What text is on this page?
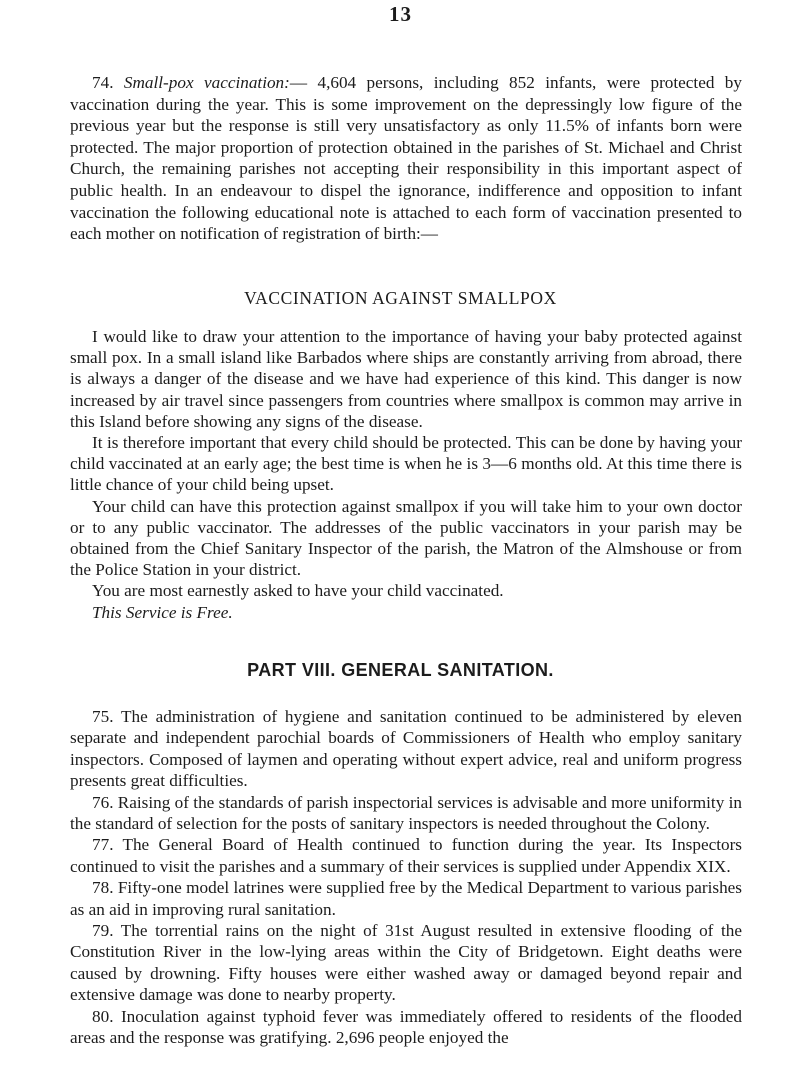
13

74. Small-pox vaccination:— 4,604 persons, including 852 infants, were protected by vaccination during the year. This is some improvement on the depressingly low figure of the previous year but the response is still very unsatisfactory as only 11.5% of infants born were protected. The major proportion of protection obtained in the parishes of St. Michael and Christ Church, the remaining parishes not accepting their responsibility in this important aspect of public health. In an endeavour to dispel the ignorance, indifference and opposition to infant vaccination the following educational note is attached to each form of vaccination presented to each mother on notification of registration of birth:—

VACCINATION AGAINST SMALLPOX

I would like to draw your attention to the importance of having your baby protected against small pox. In a small island like Barbados where ships are constantly arriving from abroad, there is always a danger of the disease and we have had experience of this kind. This danger is now increased by air travel since passengers from countries where smallpox is common may arrive in this Island before showing any signs of the disease.

It is therefore important that every child should be protected. This can be done by having your child vaccinated at an early age; the best time is when he is 3—6 months old. At this time there is little chance of your child being upset.

Your child can have this protection against smallpox if you will take him to your own doctor or to any public vaccinator. The addresses of the public vaccinators in your parish may be obtained from the Chief Sanitary Inspector of the parish, the Matron of the Almshouse or from the Police Station in your district.

You are most earnestly asked to have your child vaccinated.

This Service is Free.

PART VIII. GENERAL SANITATION.

75. The administration of hygiene and sanitation continued to be administered by eleven separate and independent parochial boards of Commissioners of Health who employ sanitary inspectors. Composed of laymen and operating without expert advice, real and uniform progress presents great difficulties.

76. Raising of the standards of parish inspectorial services is advisable and more uniformity in the standard of selection for the posts of sanitary inspectors is needed throughout the Colony.

77. The General Board of Health continued to function during the year. Its Inspectors continued to visit the parishes and a summary of their services is supplied under Appendix XIX.

78. Fifty-one model latrines were supplied free by the Medical Department to various parishes as an aid in improving rural sanitation.

79. The torrential rains on the night of 31st August resulted in extensive flooding of the Constitution River in the low-lying areas within the City of Bridgetown. Eight deaths were caused by drowning. Fifty houses were either washed away or damaged beyond repair and extensive damage was done to nearby property.

80. Inoculation against typhoid fever was immediately offered to residents of the flooded areas and the response was gratifying. 2,696 people enjoyed the
